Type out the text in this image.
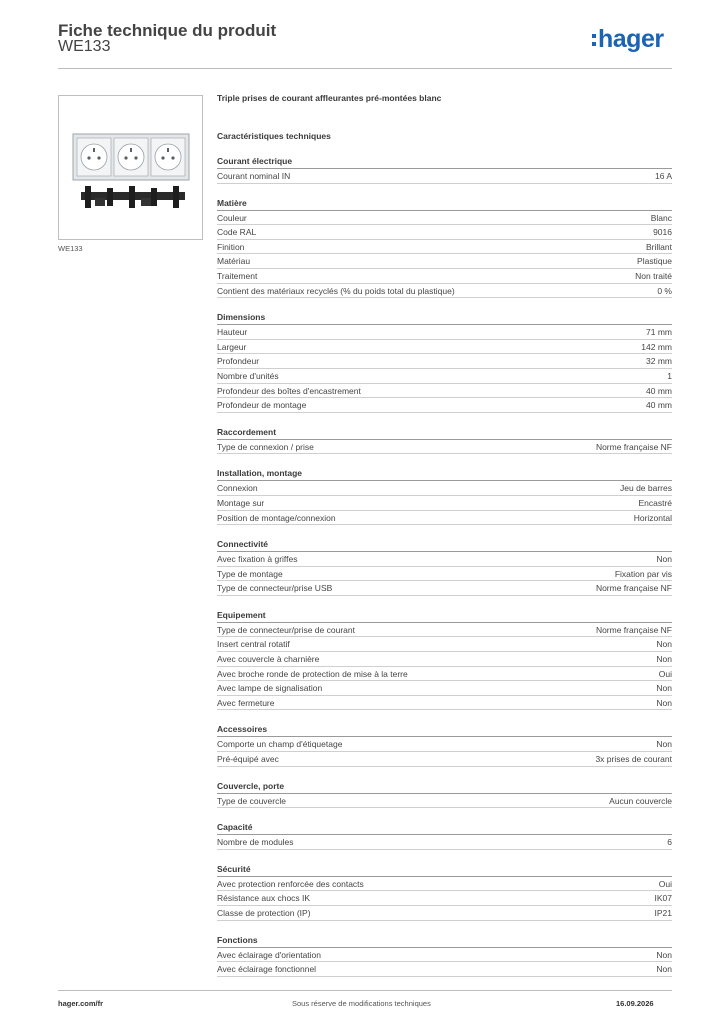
Fiche technique du produit
WE133	hager
WE133
Triple prises de courant affleurantes pré-montées blanc
Caractéristiques techniques
Courant électrique
Courant nominal IN	16 A
Matière
Couleur	Blanc
Code RAL	9016
Finition	Brillant
Matériau	Plastique
Traitement	Non traité
Contient des matériaux recyclés (% du poids total du plastique)	0 %
Dimensions
Hauteur	71 mm
Largeur	142 mm
Profondeur	32 mm
Nombre d'unités	1
Profondeur des boîtes d'encastrement	40 mm
Profondeur de montage	40 mm
Raccordement
Type de connexion / prise	Norme française NF
Installation, montage
Connexion	Jeu de barres
Montage sur	Encastré
Position de montage/connexion	Horizontal
Connectivité
Avec fixation à griffes	Non
Type de montage	Fixation par vis
Type de connecteur/prise USB	Norme française NF
Equipement
Type de connecteur/prise de courant	Norme française NF
Insert central rotatif	Non
Avec couvercle à charnière	Non
Avec broche ronde de protection de mise à la terre	Oui
Avec lampe de signalisation	Non
Avec fermeture	Non
Accessoires
Comporte un champ d'étiquetage	Non
Pré-équipé avec	3x prises de courant
Couvercle, porte
Type de couvercle	Aucun couvercle
Capacité
Nombre de modules	6
Sécurité
Avec protection renforcée des contacts	Oui
Résistance aux chocs IK	IK07
Classe de protection (IP)	IP21
Fonctions
Avec éclairage d'orientation	Non
Avec éclairage fonctionnel	Non
hager.com/fr	Sous réserve de modifications techniques	16.09.2026
